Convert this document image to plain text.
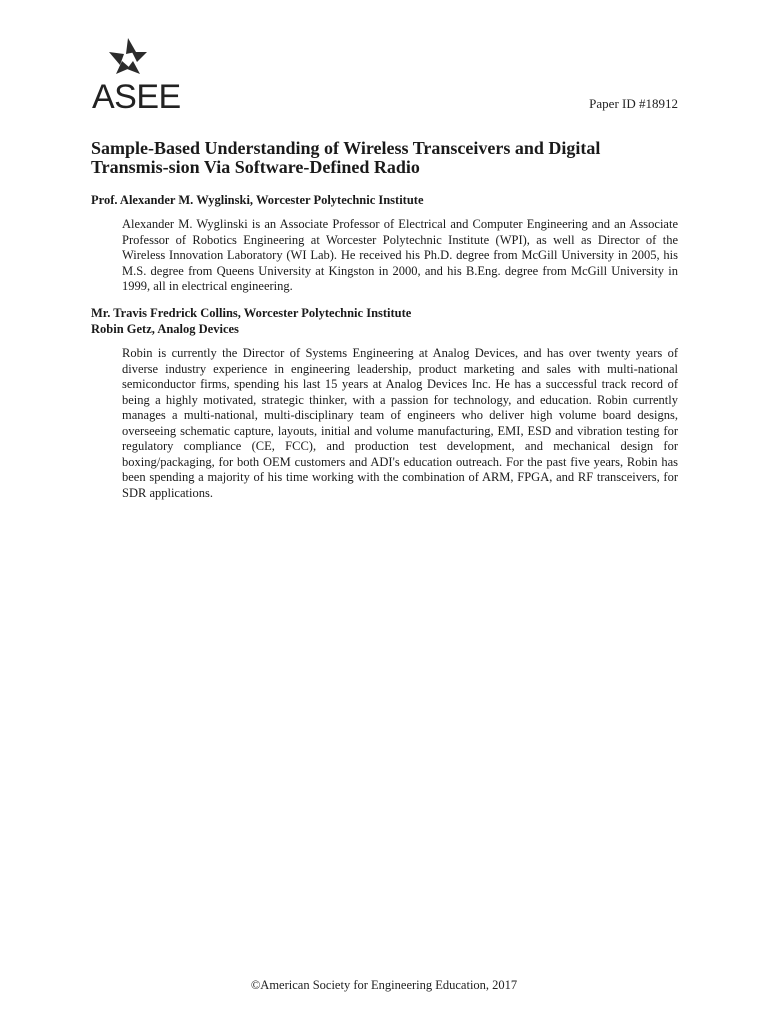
ASEE	Paper ID #18912
Sample-Based Understanding of Wireless Transceivers and Digital Transmis-sion Via Software-Defined Radio

Prof. Alexander M. Wyglinski, Worcester Polytechnic Institute

Alexander M. Wyglinski is an Associate Professor of Electrical and Computer Engineering and an Associate Professor of Robotics Engineering at Worcester Polytechnic Institute (WPI), as well as Director of the Wireless Innovation Laboratory (WI Lab). He received his Ph.D. degree from McGill University in 2005, his M.S. degree from Queens University at Kingston in 2000, and his B.Eng. degree from McGill University in 1999, all in electrical engineering.

Mr. Travis Fredrick Collins, Worcester Polytechnic Institute

Robin Getz, Analog Devices

Robin is currently the Director of Systems Engineering at Analog Devices, and has over twenty years of diverse industry experience in engineering leadership, product marketing and sales with multi-national semiconductor firms, spending his last 15 years at Analog Devices Inc. He has a successful track record of being a highly motivated, strategic thinker, with a passion for technology, and education. Robin currently manages a multi-national, multi-disciplinary team of engineers who deliver high volume board designs, overseeing schematic capture, layouts, initial and volume manufacturing, EMI, ESD and vibration testing for regulatory compliance (CE, FCC), and production test development, and mechanical design for boxing/packaging, for both OEM customers and ADI's education outreach. For the past five years, Robin has been spending a majority of his time working with the combination of ARM, FPGA, and RF transceivers, for SDR applications.

©American Society for Engineering Education, 2017
